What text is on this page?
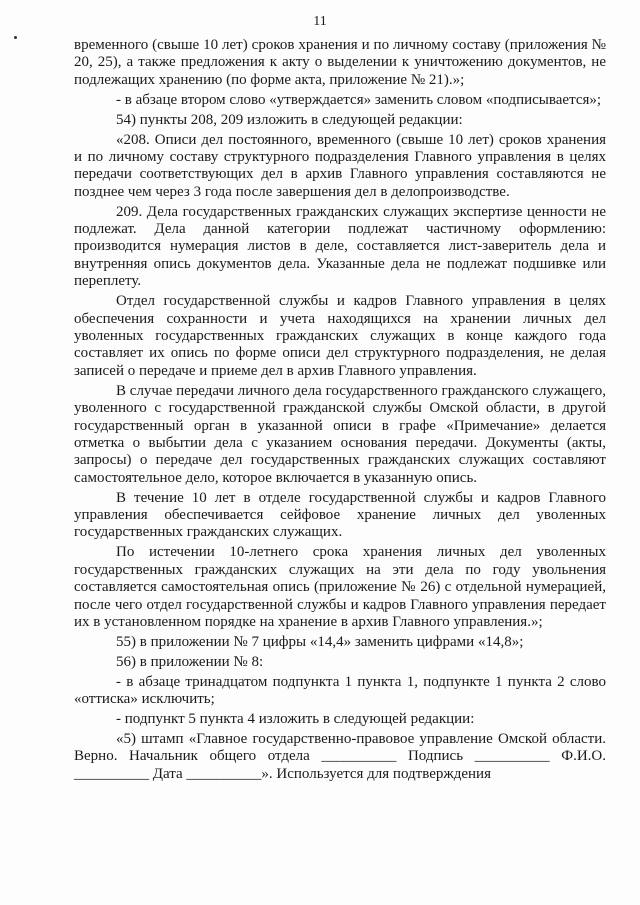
11

временного (свыше 10 лет) сроков хранения и по личному составу (приложения № 20, 25), а также предложения к акту о выделении к уничтожению документов, не подлежащих хранению (по форме акта, приложение № 21).»;

- в абзаце втором слово «утверждается» заменить словом «подписывается»;

54) пункты 208, 209 изложить в следующей редакции:

«208. Описи дел постоянного, временного (свыше 10 лет) сроков хранения и по личному составу структурного подразделения Главного управления в целях передачи соответствующих дел в архив Главного управления составляются не позднее чем через 3 года после завершения дел в делопроизводстве.

209. Дела государственных гражданских служащих экспертизе ценности не подлежат. Дела данной категории подлежат частичному оформлению: производится нумерация листов в деле, составляется лист-заверитель дела и внутренняя опись документов дела. Указанные дела не подлежат подшивке или переплету.

Отдел государственной службы и кадров Главного управления в целях обеспечения сохранности и учета находящихся на хранении личных дел уволенных государственных гражданских служащих в конце каждого года составляет их опись по форме описи дел структурного подразделения, не делая записей о передаче и приеме дел в архив Главного управления.

В случае передачи личного дела государственного гражданского служащего, уволенного с государственной гражданской службы Омской области, в другой государственный орган в указанной описи в графе «Примечание» делается отметка о выбытии дела с указанием основания передачи. Документы (акты, запросы) о передаче дел государственных гражданских служащих составляют самостоятельное дело, которое включается в указанную опись.

В течение 10 лет в отделе государственной службы и кадров Главного управления обеспечивается сейфовое хранение личных дел уволенных государственных гражданских служащих.

По истечении 10-летнего срока хранения личных дел уволенных государственных гражданских служащих на эти дела по году увольнения составляется самостоятельная опись (приложение № 26) с отдельной нумерацией, после чего отдел государственной службы и кадров Главного управления передает их в установленном порядке на хранение в архив Главного управления.»;

55) в приложении № 7 цифры «14,4» заменить цифрами «14,8»;

56) в приложении № 8:

- в абзаце тринадцатом подпункта 1 пункта 1, подпункте 1 пункта 2 слово «оттиска» исключить;

- подпункт 5 пункта 4 изложить в следующей редакции:

«5) штамп «Главное государственно-правовое управление Омской области. Верно. Начальник общего отдела __________ Подпись __________ Ф.И.О. __________ Дата __________». Используется для подтверждения
